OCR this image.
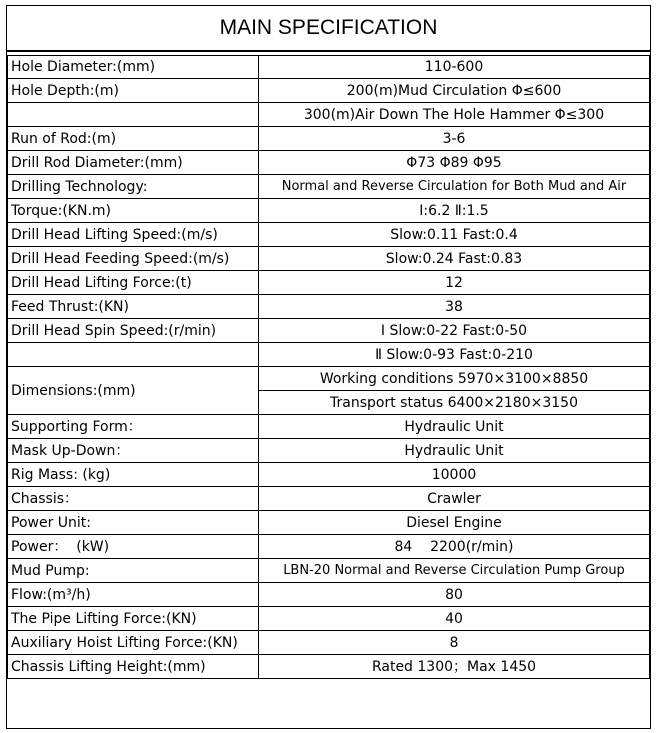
MAIN SPECIFICATION
Hole Diameter:(mm)	110-600
Hole Depth:(m)	200(m)Mud Circulation Φ≤600
	300(m)Air Down The Hole Hammer Φ≤300
Run of Rod:(m)	3-6
Drill Rod Diameter:(mm)	Φ73 Φ89 Φ95
Drilling Technology:	Normal and Reverse Circulation for Both Mud and Air
Torque:(KN.m)	Ⅰ:6.2 Ⅱ:1.5
Drill Head Lifting Speed:(m/s)	Slow:0.11 Fast:0.4
Drill Head Feeding Speed:(m/s)	Slow:0.24 Fast:0.83
Drill Head Lifting Force:(t)	12
Feed Thrust:(KN)	38
Drill Head Spin Speed:(r/min)	Ⅰ Slow:0-22 Fast:0-50
	Ⅱ Slow:0-93 Fast:0-210
Dimensions:(mm)	Working conditions 5970×3100×8850
	Transport status 6400×2180×3150
Supporting Form：	Hydraulic Unit
Mask Up-Down：	Hydraulic Unit
Rig Mass: (kg)	10000
Chassis：	Crawler
Power Unit:	Diesel Engine
Power：  (kW)	84    2200(r/min)
Mud Pump:	LBN-20 Normal and Reverse Circulation Pump Group
Flow:(m³/h)	80
The Pipe Lifting Force:(KN)	40
Auxiliary Hoist Lifting Force:(KN)	8
Chassis Lifting Height:(mm)	Rated 1300；Max 1450
